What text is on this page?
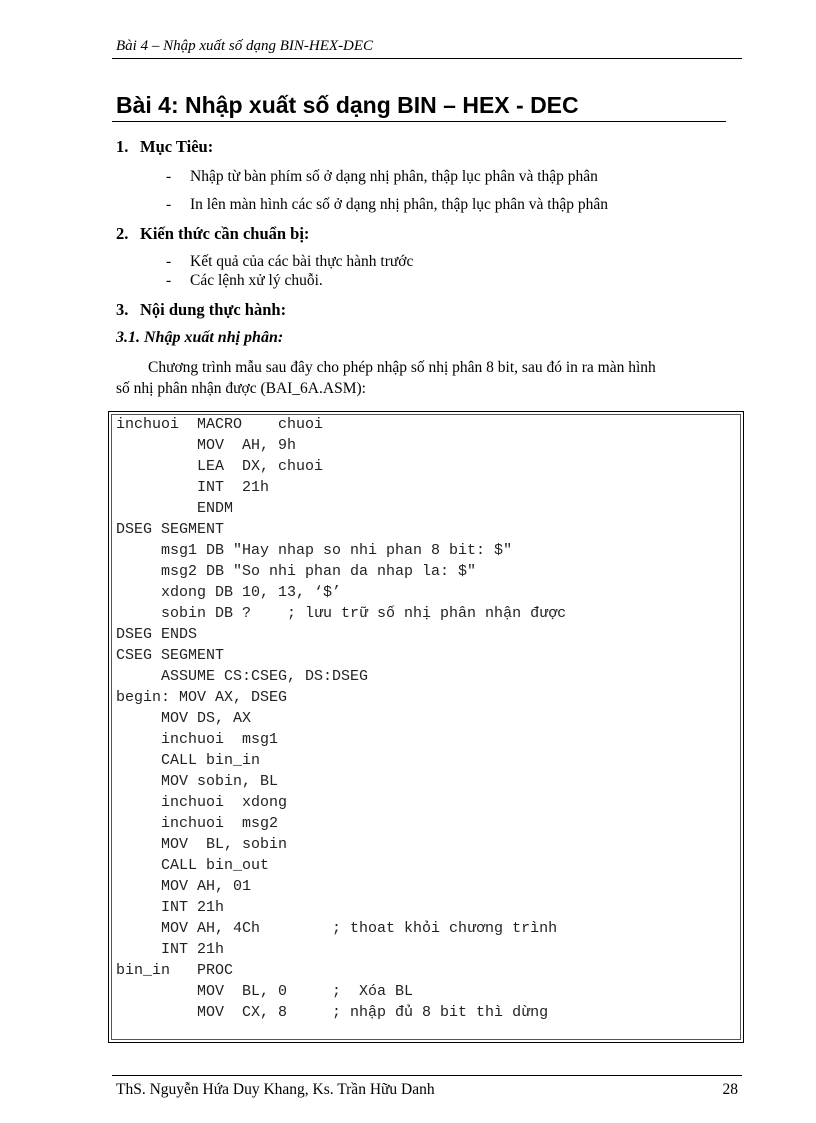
Bài 4 – Nhập xuất số dạng BIN-HEX-DEC
Bài 4: Nhập xuất số dạng BIN – HEX - DEC
1. Mục Tiêu:
- Nhập từ bàn phím số ở dạng nhị phân, thập lục phân và thập phân
- In lên màn hình các số ở dạng nhị phân, thập lục phân và thập phân
2. Kiến thức cần chuẩn bị:
- Kết quả của các bài thực hành trước
- Các lệnh xử lý chuỗi.
3. Nội dung thực hành:
3.1. Nhập xuất nhị phân:
Chương trình mẫu sau đây cho phép nhập số nhị phân 8 bit, sau đó in ra màn hình
số nhị phân nhận được (BAI_6A.ASM):
inchuoi  MACRO    chuoi
MOV  AH, 9h
LEA  DX, chuoi
INT  21h
ENDM
DSEG SEGMENT
msg1 DB "Hay nhap so nhi phan 8 bit: $"
msg2 DB "So nhi phan da nhap la: $"
xdong DB 10, 13, ‘$’
sobin DB ?    ; lưu trữ số nhị phân nhận được
DSEG ENDS
CSEG SEGMENT
ASSUME CS:CSEG, DS:DSEG
begin: MOV AX, DSEG
MOV DS, AX
inchuoi  msg1
CALL bin_in
MOV sobin, BL
inchuoi  xdong
inchuoi  msg2
MOV  BL, sobin
CALL bin_out
MOV AH, 01
INT 21h
MOV AH, 4Ch        ; thoat khỏi chương trình
INT 21h
bin_in   PROC
MOV  BL, 0     ;  Xóa BL
MOV  CX, 8     ; nhập đủ 8 bit thì dừng
ThS. Nguyễn Hứa Duy Khang, Ks. Trần Hữu Danh	28
